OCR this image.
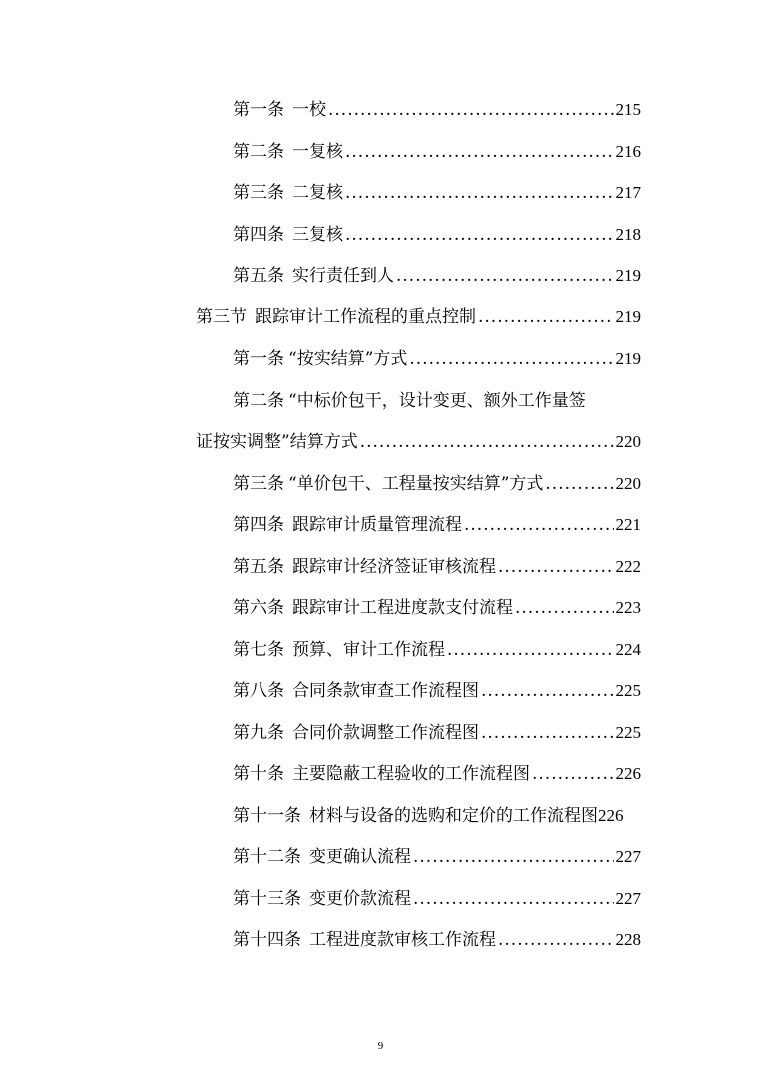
第一条 一校 .....	215
第二条 一复核 .....	216
第三条 二复核 .....	217
第四条 三复核 .....	218
第五条 实行责任到人 .....	219
第三节 跟踪审计工作流程的重点控制 .....	219
第一条 “按实结算”方式 .....	219
第二条 “中标价包干，设计变更、额外工作量签
证按实调整”结算方式 .....	220
第三条 “单价包干、工程量按实结算”方式 .....	220
第四条 跟踪审计质量管理流程 .....	221
第五条 跟踪审计经济签证审核流程 .....	222
第六条 跟踪审计工程进度款支付流程 .....	223
第七条 预算、审计工作流程 .....	224
第八条 合同条款审查工作流程图 .....	225
第九条 合同价款调整工作流程图 .....	225
第十条 主要隐蔽工程验收的工作流程图 .....	226
第十一条 材料与设备的选购和定价的工作流程图226
第十二条 变更确认流程 .....	227
第十三条 变更价款流程 .....	227
第十四条 工程进度款审核工作流程 .....	228
9
